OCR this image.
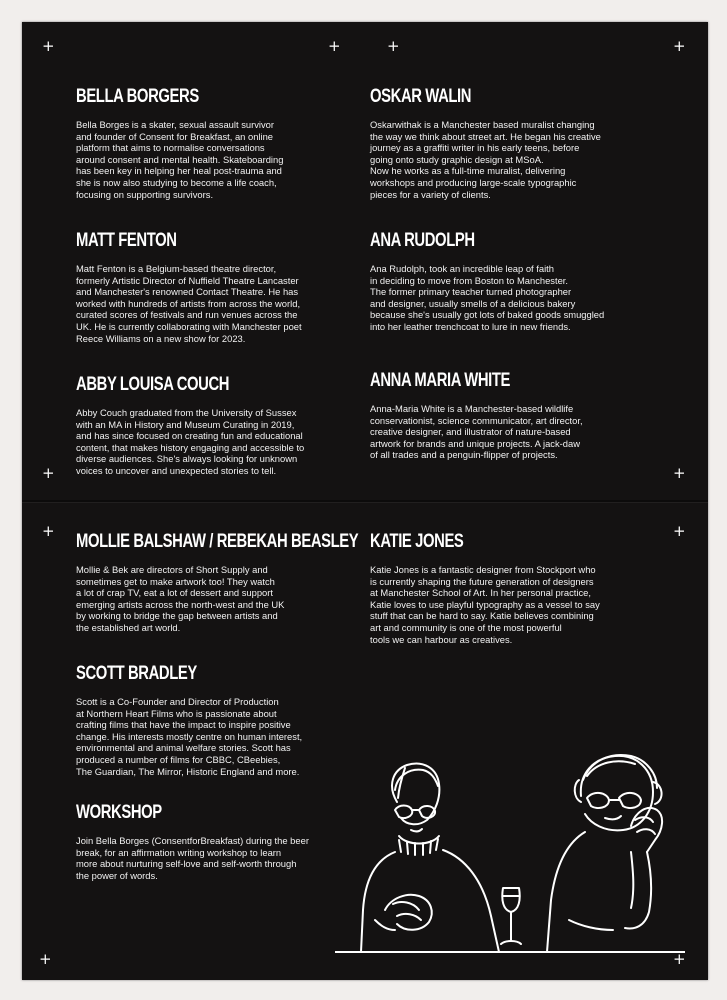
+	+	+	+
+	+
+	+
+	+
BELLA BORGERS

Bella Borges is a skater, sexual assault survivor
and founder of Consent for Breakfast, an online
platform that aims to normalise conversations
around consent and mental health. Skateboarding
has been key in helping her heal post-trauma and
she is now also studying to become a life coach,
focusing on supporting survivors.

OSKAR WALIN

Oskarwithak is a Manchester based muralist changing
the way we think about street art. He began his creative
journey as a graffiti writer in his early teens, before
going onto study graphic design at MSoA.
Now he works as a full-time muralist, delivering
workshops and producing large-scale typographic
pieces for a variety of clients.

MATT FENTON

Matt Fenton is a Belgium-based theatre director,
formerly Artistic Director of Nuffield Theatre Lancaster
and Manchester's renowned Contact Theatre. He has
worked with hundreds of artists from across the world,
curated scores of festivals and run venues across the
UK. He is currently collaborating with Manchester poet
Reece Williams on a new show for 2023.

ANA RUDOLPH

Ana Rudolph, took an incredible leap of faith
in deciding to move from Boston to Manchester.
The former primary teacher turned photographer
and designer, usually smells of a delicious bakery
because she's usually got lots of baked goods smuggled
into her leather trenchcoat to lure in new friends.

ABBY LOUISA COUCH

Abby Couch graduated from the University of Sussex
with an MA in History and Museum Curating in 2019,
and has since focused on creating fun and educational
content, that makes history engaging and accessible to
diverse audiences. She's always looking for unknown
voices to uncover and unexpected stories to tell.

ANNA MARIA WHITE

Anna-Maria White is a Manchester-based wildlife
conservationist, science communicator, art director,
creative designer, and illustrator of nature-based
artwork for brands and unique projects. A jack-daw
of all trades and a penguin-flipper of projects.

MOLLIE BALSHAW / REBEKAH BEASLEY

Mollie & Bek are directors of Short Supply and
sometimes get to make artwork too! They watch
a lot of crap TV, eat a lot of dessert and support
emerging artists across the north-west and the UK
by working to bridge the gap between artists and
the established art world.

KATIE JONES

Katie Jones is a fantastic designer from Stockport who
is currently shaping the future generation of designers
at Manchester School of Art. In her personal practice,
Katie loves to use playful typography as a vessel to say
stuff that can be hard to say. Katie believes combining
art and community is one of the most powerful
tools we can harbour as creatives.

SCOTT BRADLEY

Scott is a Co-Founder and Director of Production
at Northern Heart Films who is passionate about
crafting films that have the impact to inspire positive
change. His interests mostly centre on human interest,
environmental and animal welfare stories. Scott has
produced a number of films for CBBC, CBeebies,
The Guardian, The Mirror, Historic England and more.

WORKSHOP

Join Bella Borges (ConsentforBreakfast) during the beer
break, for an affirmation writing workshop to learn
more about nurturing self-love and self-worth through
the power of words.
